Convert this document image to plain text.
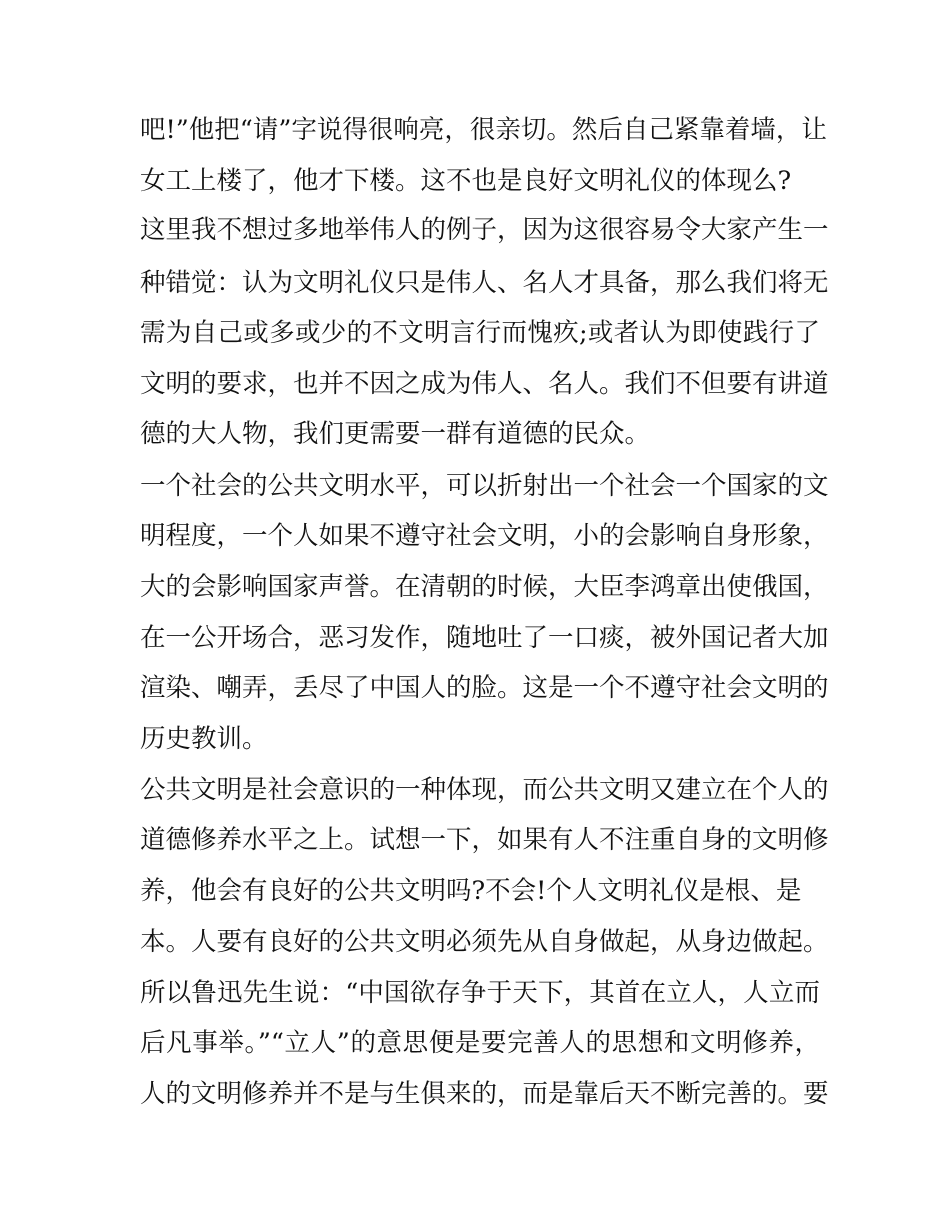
吧!”他把“请”字说得很响亮，很亲切。然后自己紧靠着墙，让
女工上楼了，他才下楼。这不也是良好文明礼仪的体现么?
这里我不想过多地举伟人的例子，因为这很容易令大家产生一
种错觉：认为文明礼仪只是伟人、名人才具备，那么我们将无
需为自己或多或少的不文明言行而愧疚;或者认为即使践行了
文明的要求，也并不因之成为伟人、名人。我们不但要有讲道
德的大人物，我们更需要一群有道德的民众。
一个社会的公共文明水平，可以折射出一个社会一个国家的文
明程度，一个人如果不遵守社会文明，小的会影响自身形象，
大的会影响国家声誉。在清朝的时候，大臣李鸿章出使俄国，
在一公开场合，恶习发作，随地吐了一口痰，被外国记者大加
渲染、嘲弄，丢尽了中国人的脸。这是一个不遵守社会文明的
历史教训。
公共文明是社会意识的一种体现，而公共文明又建立在个人的
道德修养水平之上。试想一下，如果有人不注重自身的文明修
养，他会有良好的公共文明吗?不会!个人文明礼仪是根、是
本。人要有良好的公共文明必须先从自身做起，从身边做起。
所以鲁迅先生说：“中国欲存争于天下，其首在立人，人立而
后凡事举。”“立人”的意思便是要完善人的思想和文明修养，
人的文明修养并不是与生俱来的，而是靠后天不断完善的。要
